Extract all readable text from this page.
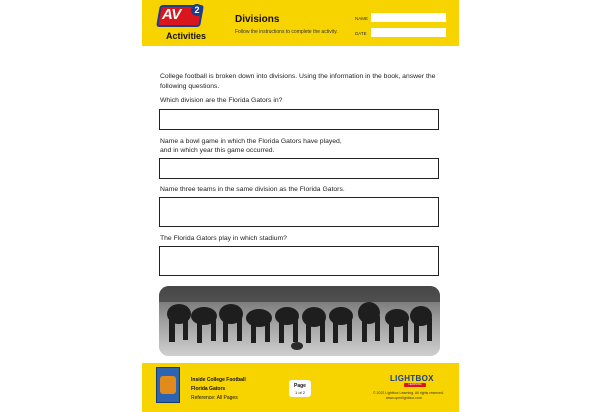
AV	2
BY WEIGL
Activities
Divisions
Follow the instructions to complete the activity.
NAME
DATE
College football is broken down into divisions. Using the information in the book, answer the following questions.
Which division are the Florida Gators in?
Name a bowl game in which the Florida Gators have played,
and in which year this game occurred.
Name three teams in the same division as the Florida Gators.
The Florida Gators play in which stadium?
Inside College Football
Florida Gators
Reference: All Pages
Page
1 of 2
LIGHTBOX
LEARNING
© 2022 Lightbox Learning. All rights reserved.
www.openlightbox.com
